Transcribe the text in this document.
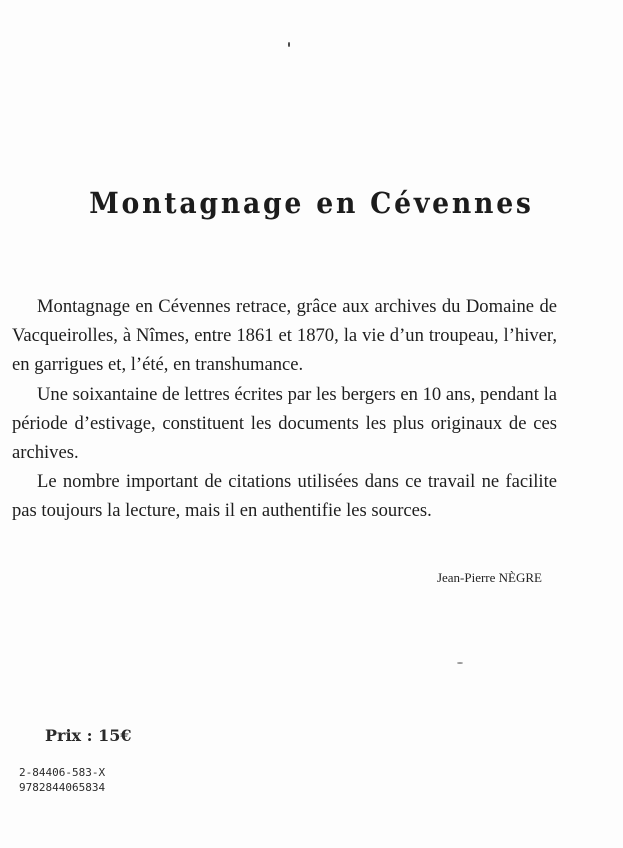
Montagnage en Cévennes

Montagnage en Cévennes retrace, grâce aux archives du Domaine de Vacqueirolles, à Nîmes, entre 1861 et 1870, la vie d’un troupeau, l’hiver, en garrigues et, l’été, en transhumance.

Une soixantaine de lettres écrites par les bergers en 10 ans, pendant la période d’estivage, constituent les documents les plus originaux de ces archives.

Le nombre important de citations utilisées dans ce travail ne facilite pas toujours la lecture, mais il en authentifie les sources.

Jean-Pierre NÈGRE
Prix : 15€
2-84406-583-X
9782844065834
